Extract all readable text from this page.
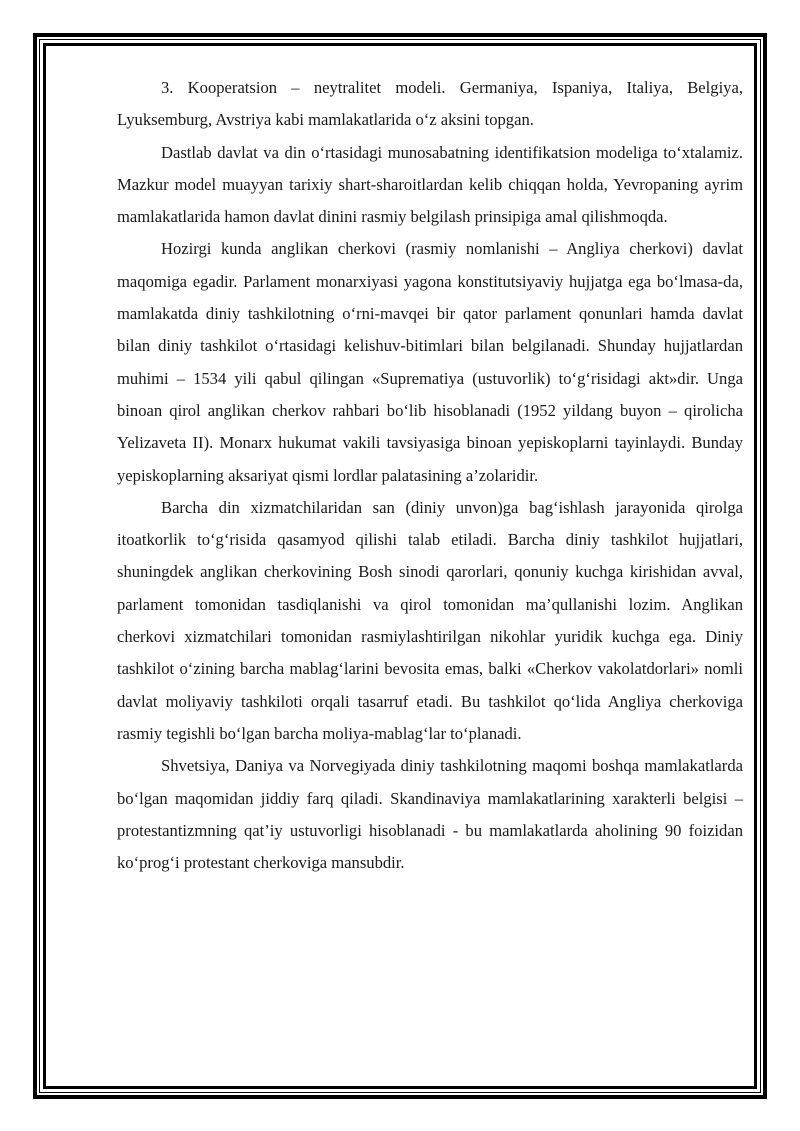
3. Kooperatsion – neytralitet modeli. Germaniya, Ispaniya, Italiya, Belgiya, Lyuksemburg, Avstriya kabi mamlakatlarida o‘z aksini topgan.

Dastlab davlat va din o‘rtasidagi munosabatning identifikatsion modeliga to‘xtalamiz. Mazkur model muayyan tarixiy shart-sharoitlardan kelib chiqqan holda, Yevropaning ayrim mamlakatlarida hamon davlat dinini rasmiy belgilash prinsipiga amal qilishmoqda.

Hozirgi kunda anglikan cherkovi (rasmiy nomlanishi – Angliya cherkovi) davlat maqomiga egadir. Parlament monarxiyasi yagona konstitutsiyaviy hujjatga ega bo‘lmasa-da, mamlakatda diniy tashkilotning o‘rni-mavqei bir qator parlament qonunlari hamda davlat bilan diniy tashkilot o‘rtasidagi kelishuv-bitimlari bilan belgilanadi. Shunday hujjatlardan muhimi – 1534 yili qabul qilingan «Suprematiya (ustuvorlik) to‘g‘risidagi akt»dir. Unga binoan qirol anglikan cherkov rahbari bo‘lib hisoblanadi (1952 yildang buyon – qirolicha Yelizaveta II). Monarx hukumat vakili tavsiyasiga binoan yepiskoplarni tayinlaydi. Bunday yepiskoplarning aksariyat qismi lordlar palatasining a’zolaridir.

Barcha din xizmatchilaridan san (diniy unvon)ga bag‘ishlash jarayonida qirolga itoatkorlik to‘g‘risida qasamyod qilishi talab etiladi. Barcha diniy tashkilot hujjatlari, shuningdek anglikan cherkovining Bosh sinodi qarorlari, qonuniy kuchga kirishidan avval, parlament tomonidan tasdiqlanishi va qirol tomonidan ma’qullanishi lozim. Anglikan cherkovi xizmatchilari tomonidan rasmiylashtirilgan nikohlar yuridik kuchga ega. Diniy tashkilot o‘zining barcha mablag‘larini bevosita emas, balki «Cherkov vakolatdorlari» nomli davlat moliyaviy tashkiloti orqali tasarruf etadi. Bu tashkilot qo‘lida Angliya cherkoviga rasmiy tegishli bo‘lgan barcha moliya-mablag‘lar to‘planadi.

Shvetsiya, Daniya va Norvegiyada diniy tashkilotning maqomi boshqa mamlakatlarda bo‘lgan maqomidan jiddiy farq qiladi. Skandinaviya mamlakatlarining xarakterli belgisi –protestantizmning qat’iy ustuvorligi hisoblanadi - bu mamlakatlarda aholining 90 foizidan ko‘prog‘i protestant cherkoviga mansubdir.
